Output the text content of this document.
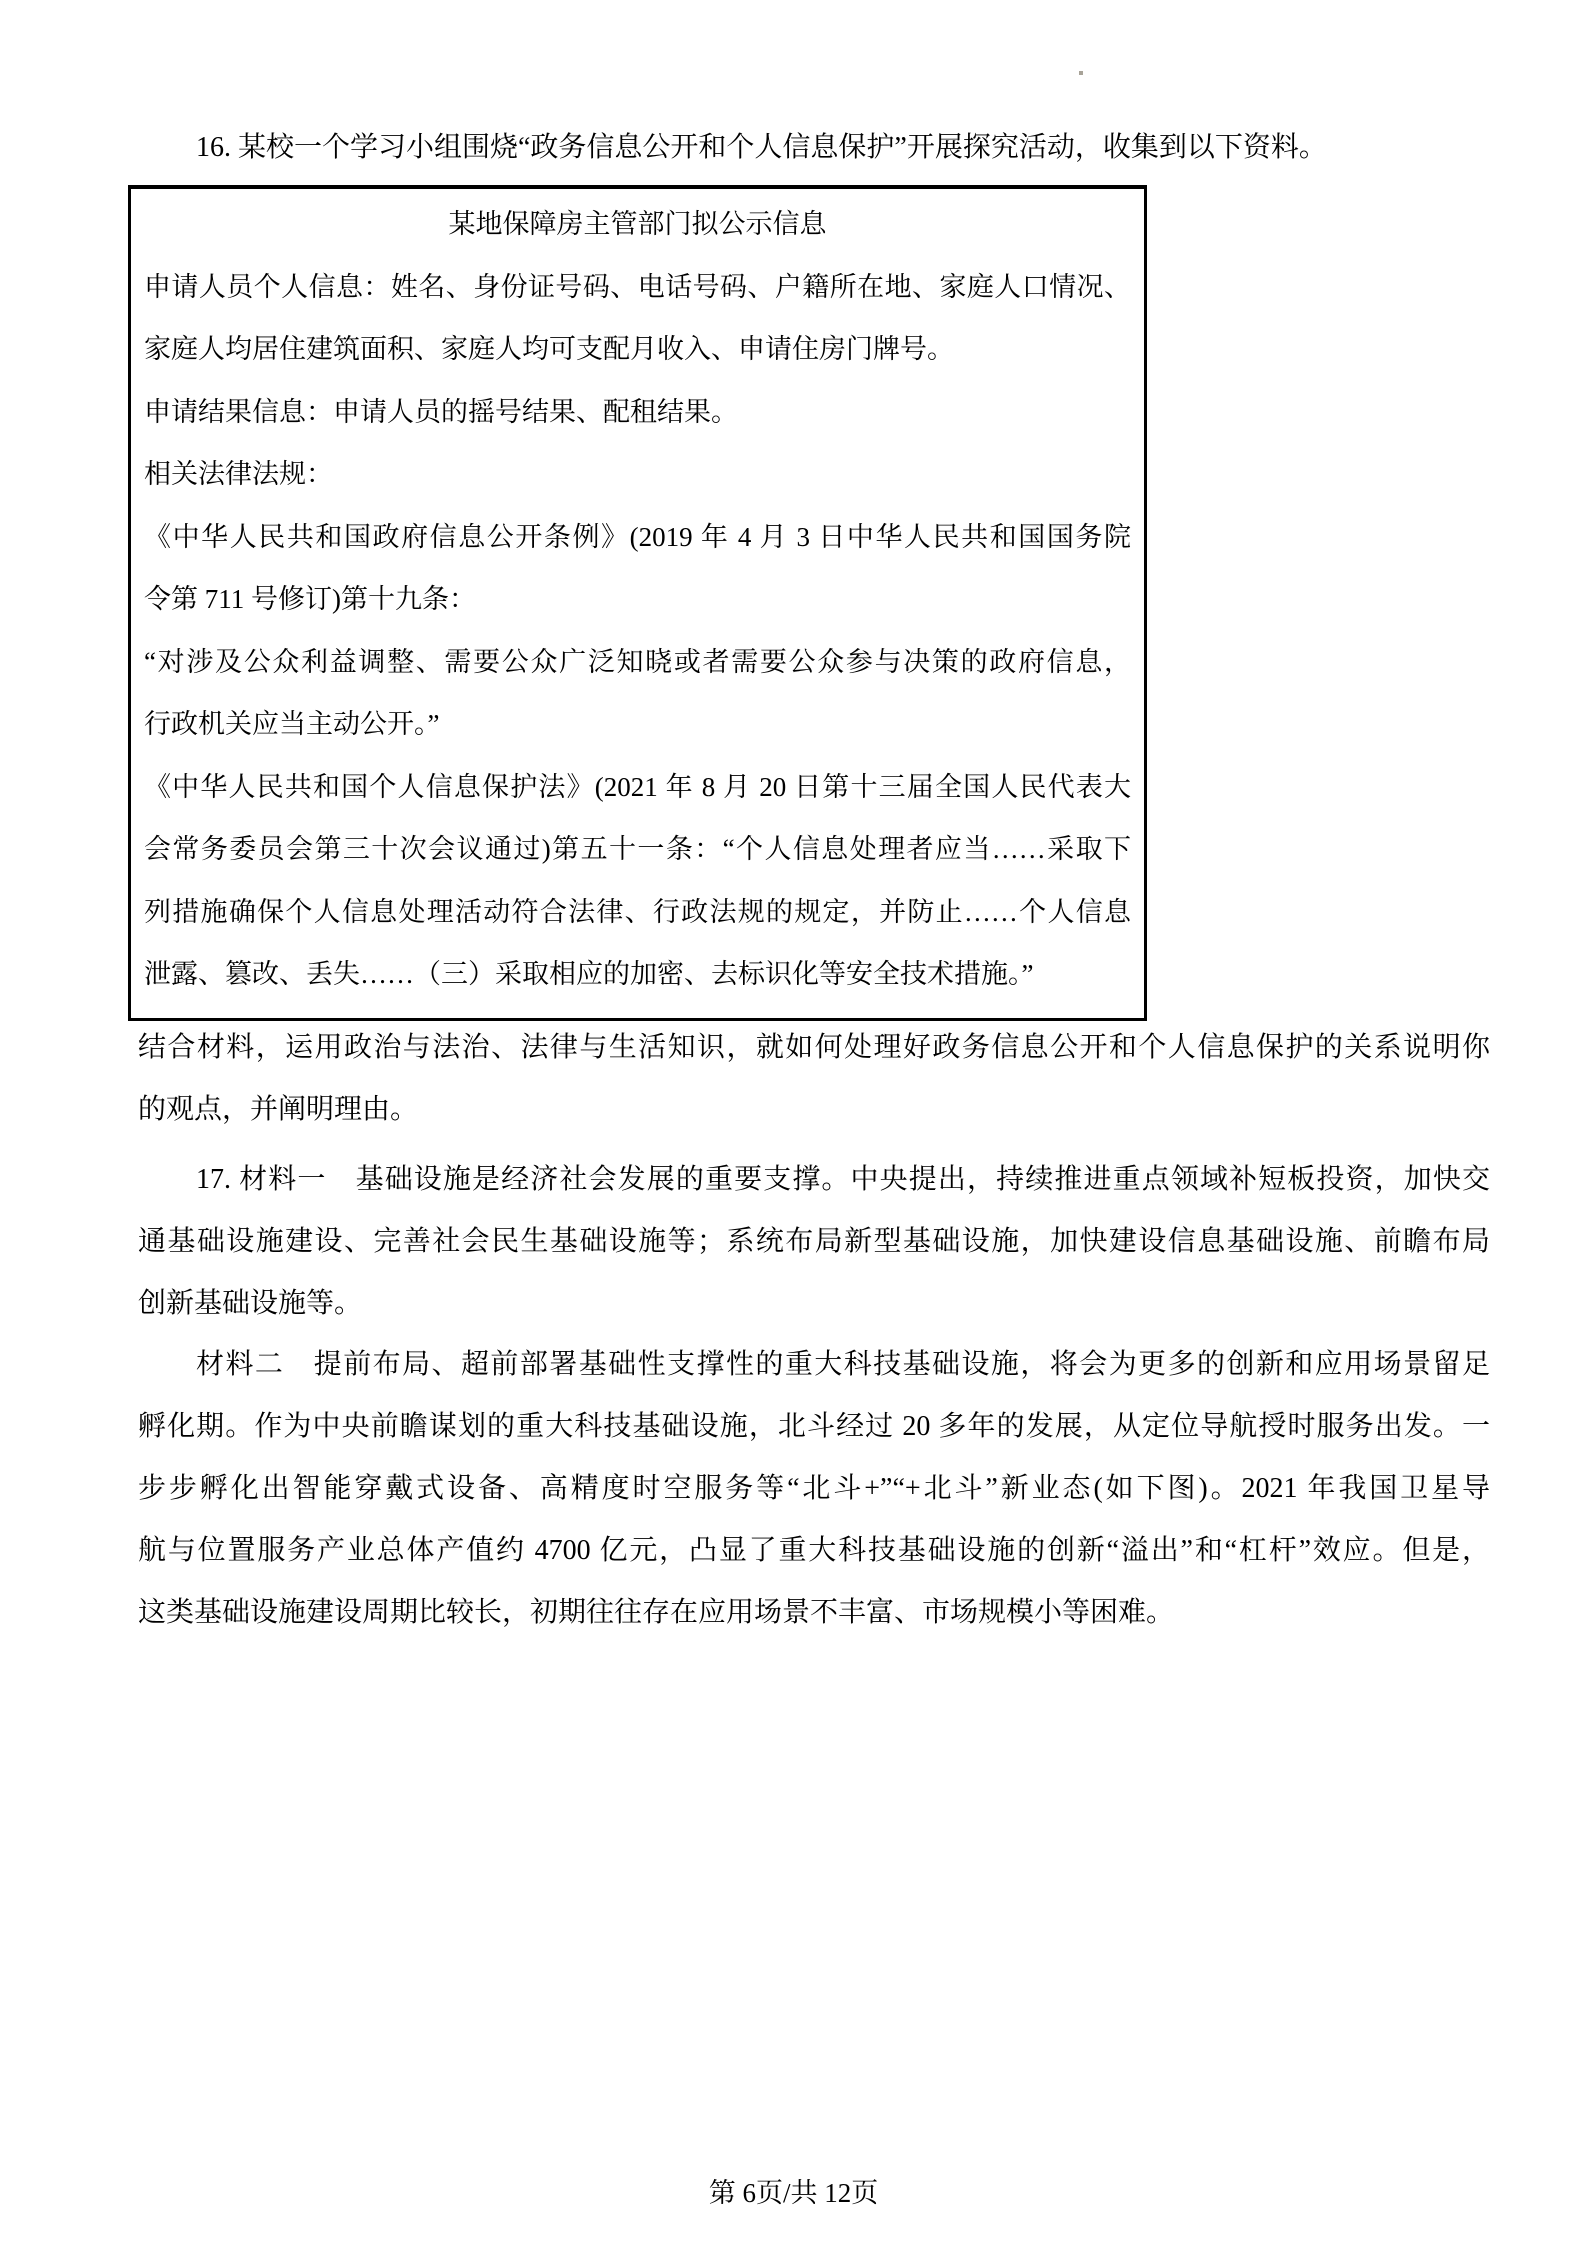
16. 某校一个学习小组围烧“政务信息公开和个人信息保护”开展探究活动，收集到以下资料。
某地保障房主管部门拟公示信息
申请人员个人信息：姓名、身份证号码、电话号码、户籍所在地、家庭人口情况、
家庭人均居住建筑面积、家庭人均可支配月收入、申请住房门牌号。
申请结果信息：申请人员的摇号结果、配租结果。
相关法律法规：
《中华人民共和国政府信息公开条例》(2019 年 4 月 3 日中华人民共和国国务院
令第 711 号修订)第十九条：
“对涉及公众利益调整、需要公众广泛知晓或者需要公众参与决策的政府信息，
行政机关应当主动公开。”
《中华人民共和国个人信息保护法》(2021 年 8 月 20 日第十三届全国人民代表大
会常务委员会第三十次会议通过)第五十一条：“个人信息处理者应当……采取下
列措施确保个人信息处理活动符合法律、行政法规的规定，并防止……个人信息
泄露、篡改、丢失……（三）采取相应的加密、去标识化等安全技术措施。”
结合材料，运用政治与法治、法律与生活知识，就如何处理好政务信息公开和个人信息保护的关系说明你
的观点，并阐明理由。
17. 材料一　基础设施是经济社会发展的重要支撑。中央提出，持续推进重点领域补短板投资，加快交
通基础设施建设、完善社会民生基础设施等；系统布局新型基础设施，加快建设信息基础设施、前瞻布局
创新基础设施等。
材料二　提前布局、超前部署基础性支撑性的重大科技基础设施，将会为更多的创新和应用场景留足
孵化期。作为中央前瞻谋划的重大科技基础设施，北斗经过 20 多年的发展，从定位导航授时服务出发。一
步步孵化出智能穿戴式设备、高精度时空服务等“北斗+”“+北斗”新业态(如下图)。2021 年我国卫星导
航与位置服务产业总体产值约 4700 亿元，凸显了重大科技基础设施的创新“溢出”和“杠杆”效应。但是，
这类基础设施建设周期比较长，初期往往存在应用场景不丰富、市场规模小等困难。
第 6页/共 12页
